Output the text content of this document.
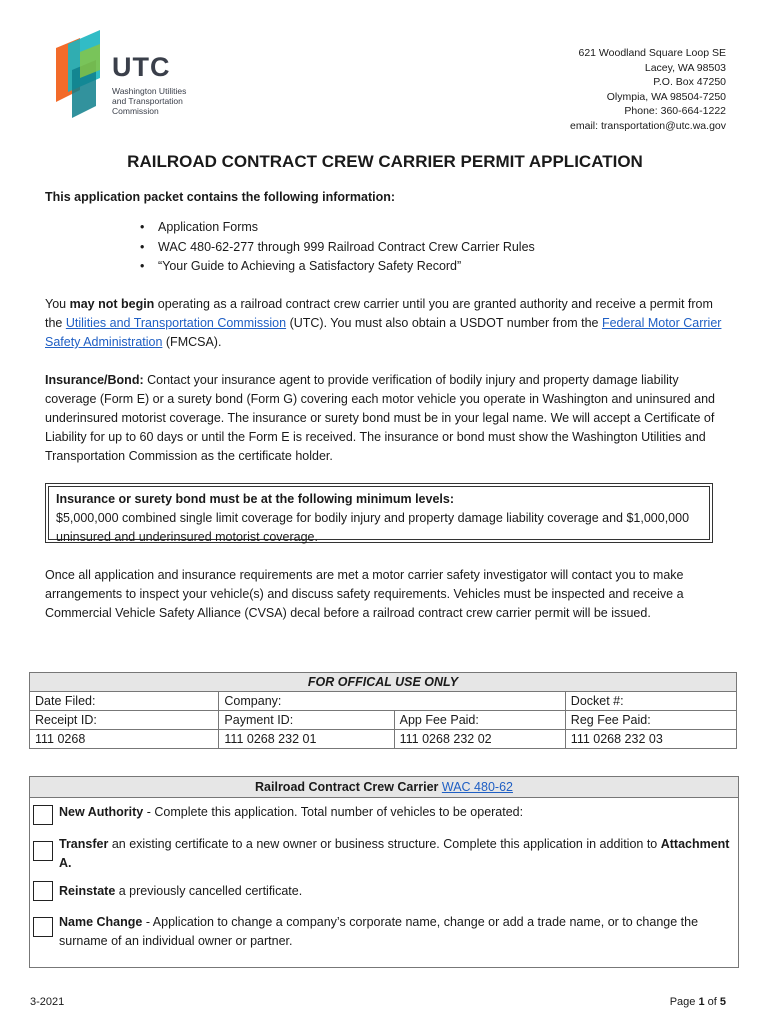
UTC
Washington Utilities
and Transportation
Commission
621 Woodland Square Loop SE
Lacey, WA 98503
P.O. Box 47250
Olympia, WA 98504-7250
Phone: 360-664-1222
email: transportation@utc.wa.gov
RAILROAD CONTRACT CREW CARRIER PERMIT APPLICATION
This application packet contains the following information:
• Application Forms
• WAC 480-62-277 through 999 Railroad Contract Crew Carrier Rules
• “Your Guide to Achieving a Satisfactory Safety Record”
You may not begin operating as a railroad contract crew carrier until you are granted authority and receive a permit from the Utilities and Transportation Commission (UTC). You must also obtain a USDOT number from the Federal Motor Carrier Safety Administration (FMCSA).
Insurance/Bond: Contact your insurance agent to provide verification of bodily injury and property damage liability coverage (Form E) or a surety bond (Form G) covering each motor vehicle you operate in Washington and uninsured and underinsured motorist coverage. The insurance or surety bond must be in your legal name. We will accept a Certificate of Liability for up to 60 days or until the Form E is received. The insurance or bond must show the Washington Utilities and Transportation Commission as the certificate holder.
Insurance or surety bond must be at the following minimum levels:
$5,000,000 combined single limit coverage for bodily injury and property damage liability coverage and $1,000,000 uninsured and underinsured motorist coverage.
Once all application and insurance requirements are met a motor carrier safety investigator will contact you to make arrangements to inspect your vehicle(s) and discuss safety requirements. Vehicles must be inspected and receive a Commercial Vehicle Safety Alliance (CVSA) decal before a railroad contract crew carrier permit will be issued.
FOR OFFICAL USE ONLY			
Date Filed:	Company:		Docket #:
Receipt ID:	Payment ID:	App Fee Paid:	Reg Fee Paid:
111 0268	111 0268 232 01	111 0268 232 02	111 0268 232 03
Railroad Contract Crew Carrier WAC 480-62
New Authority - Complete this application. Total number of vehicles to be operated:
Transfer an existing certificate to a new owner or business structure. Complete this application in addition to Attachment A.
Reinstate a previously cancelled certificate.
Name Change - Application to change a company’s corporate name, change or add a trade name, or to change the surname of an individual owner or partner.
3-2021	Page 1 of 5
